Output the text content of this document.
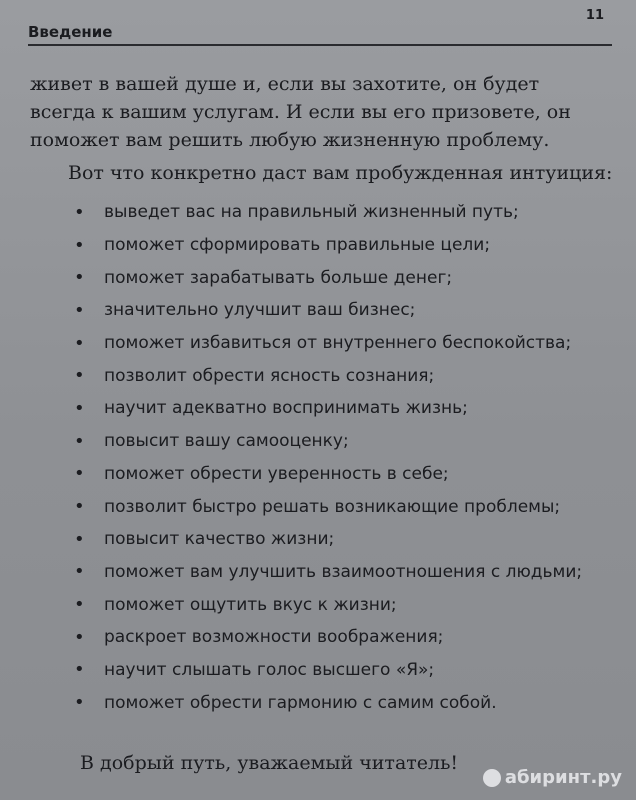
Введение
11

живет в вашей душе и, если вы захотите, он будет всегда к вашим услугам. И если вы его призовете, он поможет вам решить любую жизненную проблему.

Вот что конкретно даст вам пробужденная интуиция:

•	выведет вас на правильный жизненный путь;
•	поможет сформировать правильные цели;
•	поможет зарабатывать больше денег;
•	значительно улучшит ваш бизнес;
•	поможет избавиться от внутреннего беспокойства;
•	позволит обрести ясность сознания;
•	научит адекватно воспринимать жизнь;
•	повысит вашу самооценку;
•	поможет обрести уверенность в себе;
•	позволит быстро решать возникающие проблемы;
•	повысит качество жизни;
•	поможет вам улучшить взаимоотношения с людьми;
•	поможет ощутить вкус к жизни;
•	раскроет возможности воображения;
•	научит слышать голос высшего «Я»;
•	поможет обрести гармонию с самим собой.

В добрый путь, уважаемый читатель!

абиринт.ру
